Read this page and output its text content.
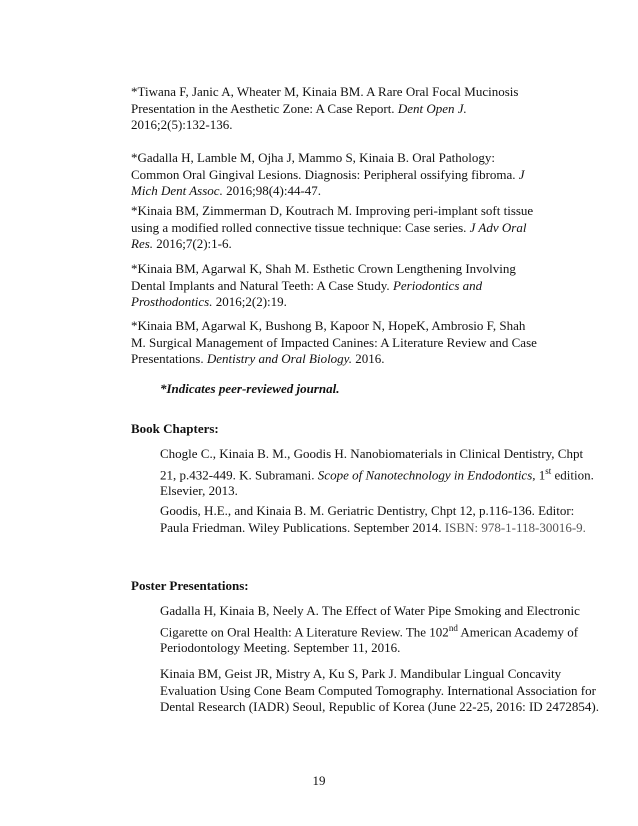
*Tiwana F, Janic A, Wheater M, Kinaia BM. A Rare Oral Focal Mucinosis Presentation in the Aesthetic Zone: A Case Report. Dent Open J. 2016;2(5):132-136.

*Gadalla H, Lamble M, Ojha J, Mammo S, Kinaia B. Oral Pathology: Common Oral Gingival Lesions. Diagnosis: Peripheral ossifying fibroma. J Mich Dent Assoc. 2016;98(4):44-47.

*Kinaia BM, Zimmerman D, Koutrach M. Improving peri-implant soft tissue using a modified rolled connective tissue technique: Case series. J Adv Oral Res. 2016;7(2):1-6.

*Kinaia BM, Agarwal K, Shah M. Esthetic Crown Lengthening Involving Dental Implants and Natural Teeth: A Case Study. Periodontics and Prosthodontics. 2016;2(2):19.

*Kinaia BM, Agarwal K, Bushong B, Kapoor N, HopeK, Ambrosio F, Shah M. Surgical Management of Impacted Canines: A Literature Review and Case Presentations. Dentistry and Oral Biology. 2016.

*Indicates peer-reviewed journal.

Book Chapters:

Chogle C., Kinaia B. M., Goodis H. Nanobiomaterials in Clinical Dentistry, Chpt 21, p.432-449. K. Subramani. Scope of Nanotechnology in Endodontics, 1st edition. Elsevier, 2013.

Goodis, H.E., and Kinaia B. M. Geriatric Dentistry, Chpt 12, p.116-136. Editor: Paula Friedman. Wiley Publications. September 2014. ISBN: 978-1-118-30016-9.

Poster Presentations:

Gadalla H, Kinaia B, Neely A. The Effect of Water Pipe Smoking and Electronic Cigarette on Oral Health: A Literature Review. The 102nd American Academy of Periodontology Meeting. September 11, 2016.

Kinaia BM, Geist JR, Mistry A, Ku S, Park J. Mandibular Lingual Concavity Evaluation Using Cone Beam Computed Tomography. International Association for Dental Research (IADR) Seoul, Republic of Korea (June 22-25, 2016: ID 2472854).

19
